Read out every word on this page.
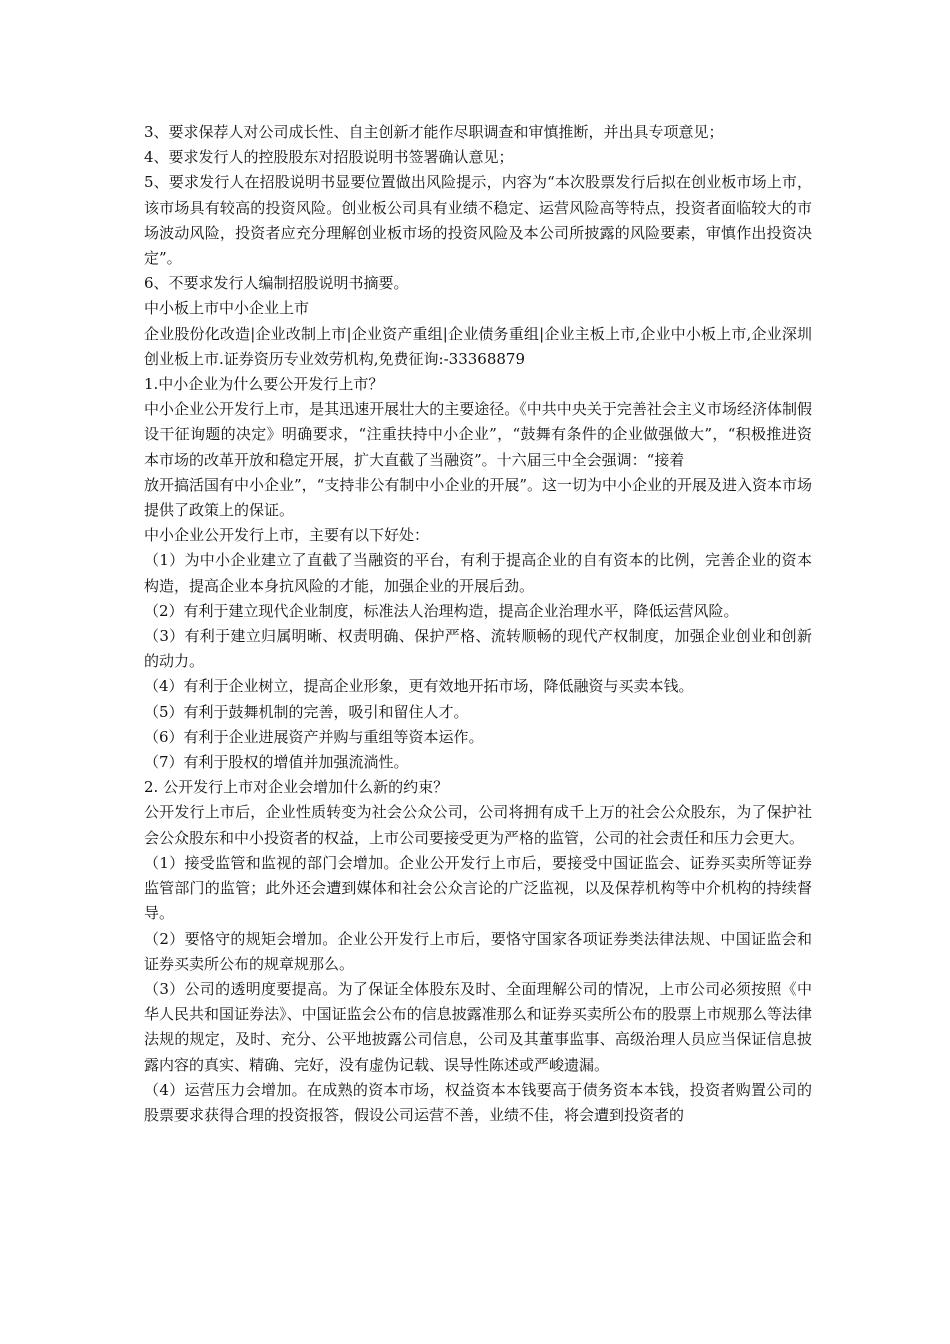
3、要求保荐人对公司成长性、自主创新才能作尽职调查和审慎推断，并出具专项意见；

4、要求发行人的控股股东对招股说明书签署确认意见；

5、要求发行人在招股说明书显要位置做出风险提示，内容为“本次股票发行后拟在创业板市场上市，该市场具有较高的投资风险。创业板公司具有业绩不稳定、运营风险高等特点，投资者面临较大的市场波动风险，投资者应充分理解创业板市场的投资风险及本公司所披露的风险要素，审慎作出投资决定”。

6、不要求发行人编制招股说明书摘要。

中小板上市中小企业上市

企业股份化改造|企业改制上市|企业资产重组|企业债务重组|企业主板上市,企业中小板上市,企业深圳创业板上市.证券资历专业效劳机构,免费征询:-33368879

1.中小企业为什么要公开发行上市？

中小企业公开发行上市，是其迅速开展壮大的主要途径。《中共中央关于完善社会主义市场经济体制假设干征询题的决定》明确要求，“注重扶持中小企业”，“鼓舞有条件的企业做强做大”，“积极推进资本市场的改革开放和稳定开展，扩大直截了当融资”。十六届三中全会强调：“接着

放开搞活国有中小企业”，“支持非公有制中小企业的开展”。这一切为中小企业的开展及进入资本市场提供了政策上的保证。

中小企业公开发行上市，主要有以下好处：

（1）为中小企业建立了直截了当融资的平台，有利于提高企业的自有资本的比例，完善企业的资本构造，提高企业本身抗风险的才能，加强企业的开展后劲。

（2）有利于建立现代企业制度，标准法人治理构造，提高企业治理水平，降低运营风险。

（3）有利于建立归属明晰、权责明确、保护严格、流转顺畅的现代产权制度，加强企业创业和创新的动力。

（4）有利于企业树立，提高企业形象，更有效地开拓市场，降低融资与买卖本钱。

（5）有利于鼓舞机制的完善，吸引和留住人才。

（6）有利于企业进展资产并购与重组等资本运作。

（7）有利于股权的增值并加强流淌性。

2. 公开发行上市对企业会增加什么新的约束？

公开发行上市后，企业性质转变为社会公众公司，公司将拥有成千上万的社会公众股东，为了保护社会公众股东和中小投资者的权益，上市公司要接受更为严格的监管，公司的社会责任和压力会更大。

（1）接受监管和监视的部门会增加。企业公开发行上市后，要接受中国证监会、证券买卖所等证券监管部门的监管；此外还会遭到媒体和社会公众言论的广泛监视，以及保荐机构等中介机构的持续督导。

（2）要恪守的规矩会增加。企业公开发行上市后，要恪守国家各项证券类法律法规、中国证监会和证券买卖所公布的规章规那么。

（3）公司的透明度要提高。为了保证全体股东及时、全面理解公司的情况，上市公司必须按照《中华人民共和国证券法》、中国证监会公布的信息披露准那么和证券买卖所公布的股票上市规那么等法律法规的规定，及时、充分、公平地披露公司信息，公司及其董事监事、高级治理人员应当保证信息披露内容的真实、精确、完好，没有虚伪记载、误导性陈述或严峻遗漏。

（4）运营压力会增加。在成熟的资本市场，权益资本本钱要高于债务资本本钱，投资者购置公司的股票要求获得合理的投资报答，假设公司运营不善，业绩不佳，将会遭到投资者的
